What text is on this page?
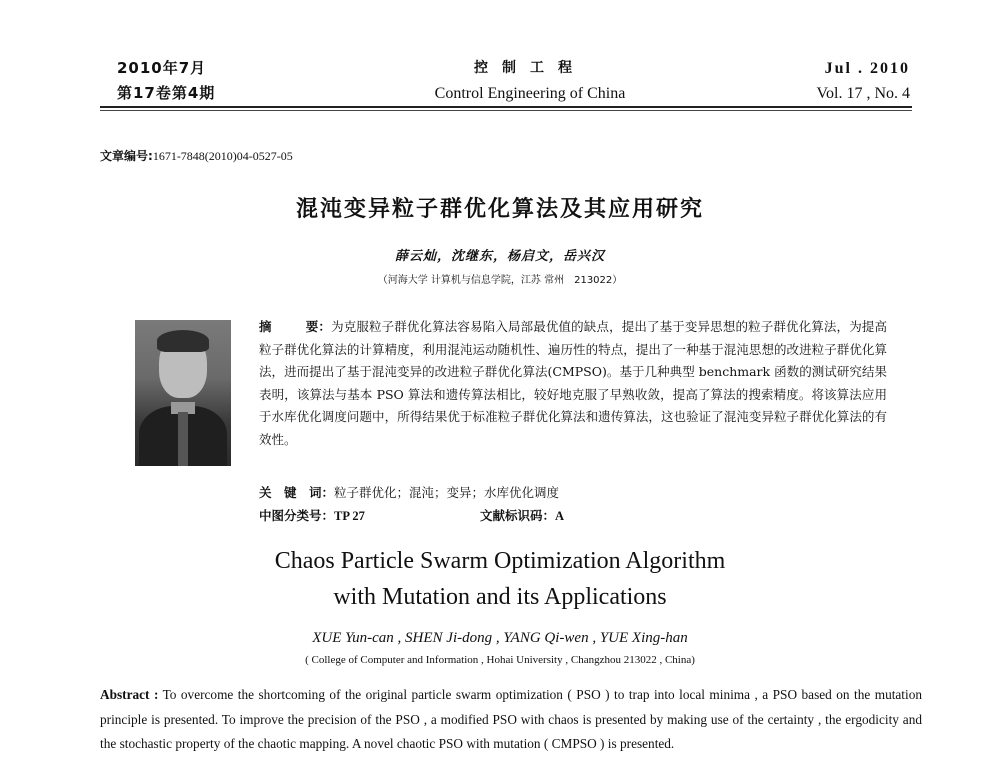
2010年7月
第17卷第4期
控制工程
Control Engineering of China
Jul . 2010
Vol. 17 , No. 4
文章编号:1671-7848(2010)04-0527-05
混沌变异粒子群优化算法及其应用研究
薛云灿，沈继东，杨启文，岳兴汉
（河海大学 计算机与信息学院，江苏 常州　213022）
摘	要：为克服粒子群优化算法容易陷入局部最优值的缺点，提出了基于变异思想的粒子群优化算法，为提高粒子群优化算法的计算精度，利用混沌运动随机性、遍历性的特点，提出了一种基于混沌思想的改进粒子群优化算法，进而提出了基于混沌变异的改进粒子群优化算法(CMPSO)。基于几种典型 benchmark 函数的测试研究结果表明，该算法与基本 PSO 算法和遗传算法相比，较好地克服了早熟收敛，提高了算法的搜索精度。将该算法应用于水库优化调度问题中，所得结果优于标准粒子群优化算法和遗传算法，这也验证了混沌变异粒子群优化算法的有效性。
关　键　词：粒子群优化；混沌；变异；水库优化调度
中图分类号：TP 27	文献标识码：A
Chaos Particle Swarm Optimization Algorithm
with Mutation and its Applications
XUE Yun-can , SHEN Ji-dong , YANG Qi-wen , YUE Xing-han
( College of Computer and Information , Hohai University , Changzhou 213022 , China)
Abstract : To overcome the shortcoming of the original particle swarm optimization ( PSO ) to trap into local minima , a PSO based on the mutation principle is presented. To improve the precision of the PSO , a modified PSO with chaos is presented by making use of the certainty , the ergodicity and the stochastic property of the chaotic mapping. A novel chaotic PSO with mutation ( CMPSO ) is presented.
